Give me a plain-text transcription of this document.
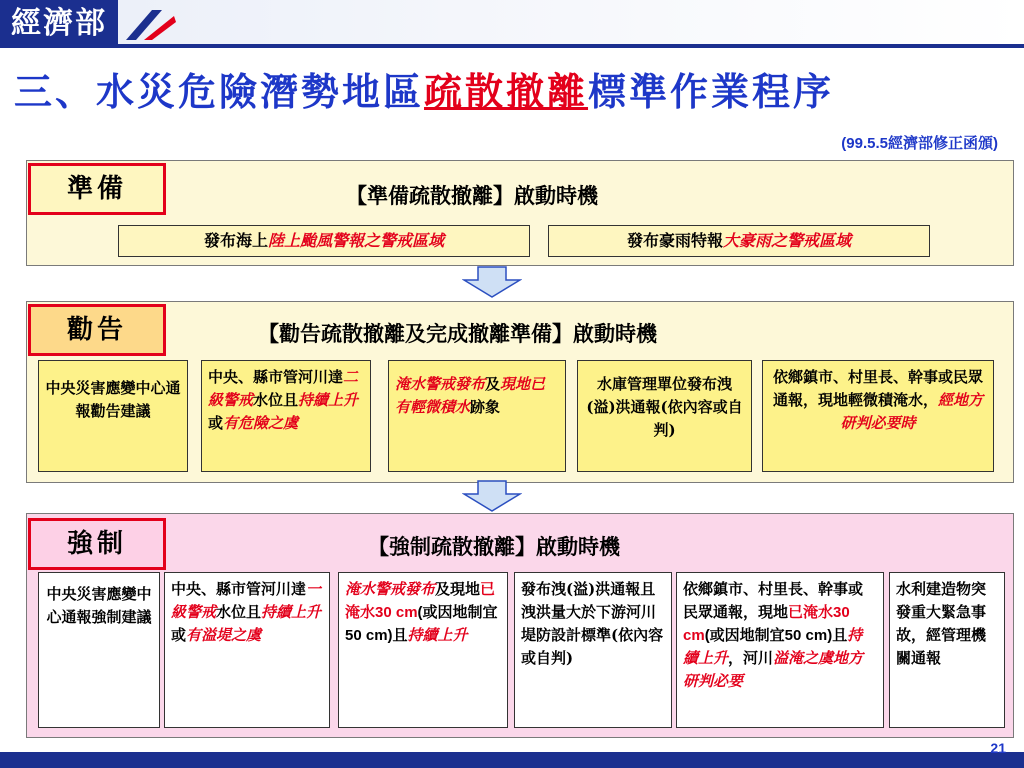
經濟部
三、水災危險潛勢地區疏散撤離標準作業程序
(99.5.5經濟部修正函頒)
準備	【準備疏散撤離】啟動時機
發布海上陸上颱風警報之警戒區域	發布豪雨特報大豪雨之警戒區域
勸告	【勸告疏散撤離及完成撤離準備】啟動時機
中央災害應變中心通報勸告建議
中央、縣市管河川達二級警戒水位且持續上升或有危險之虞
淹水警戒發布及現地已有輕微積水跡象
水庫管理單位發布洩(溢)洪通報(依內容或自判)
依鄉鎮市、村里長、幹事或民眾通報，現地輕微積淹水，經地方研判必要時
強制	【強制疏散撤離】啟動時機
中央災害應變中心通報強制建議
中央、縣市管河川達一級警戒水位且持續上升或有溢堤之虞
淹水警戒發布及現地已淹水30 cm(或因地制宜50 cm)且持續上升
發布洩(溢)洪通報且洩洪量大於下游河川堤防設計標準(依內容或自判)
依鄉鎮市、村里長、幹事或民眾通報，現地已淹水30 cm(或因地制宜50 cm)且持續上升，河川溢淹之虞地方研判必要
水利建造物突發重大緊急事故，經管理機關通報
21
